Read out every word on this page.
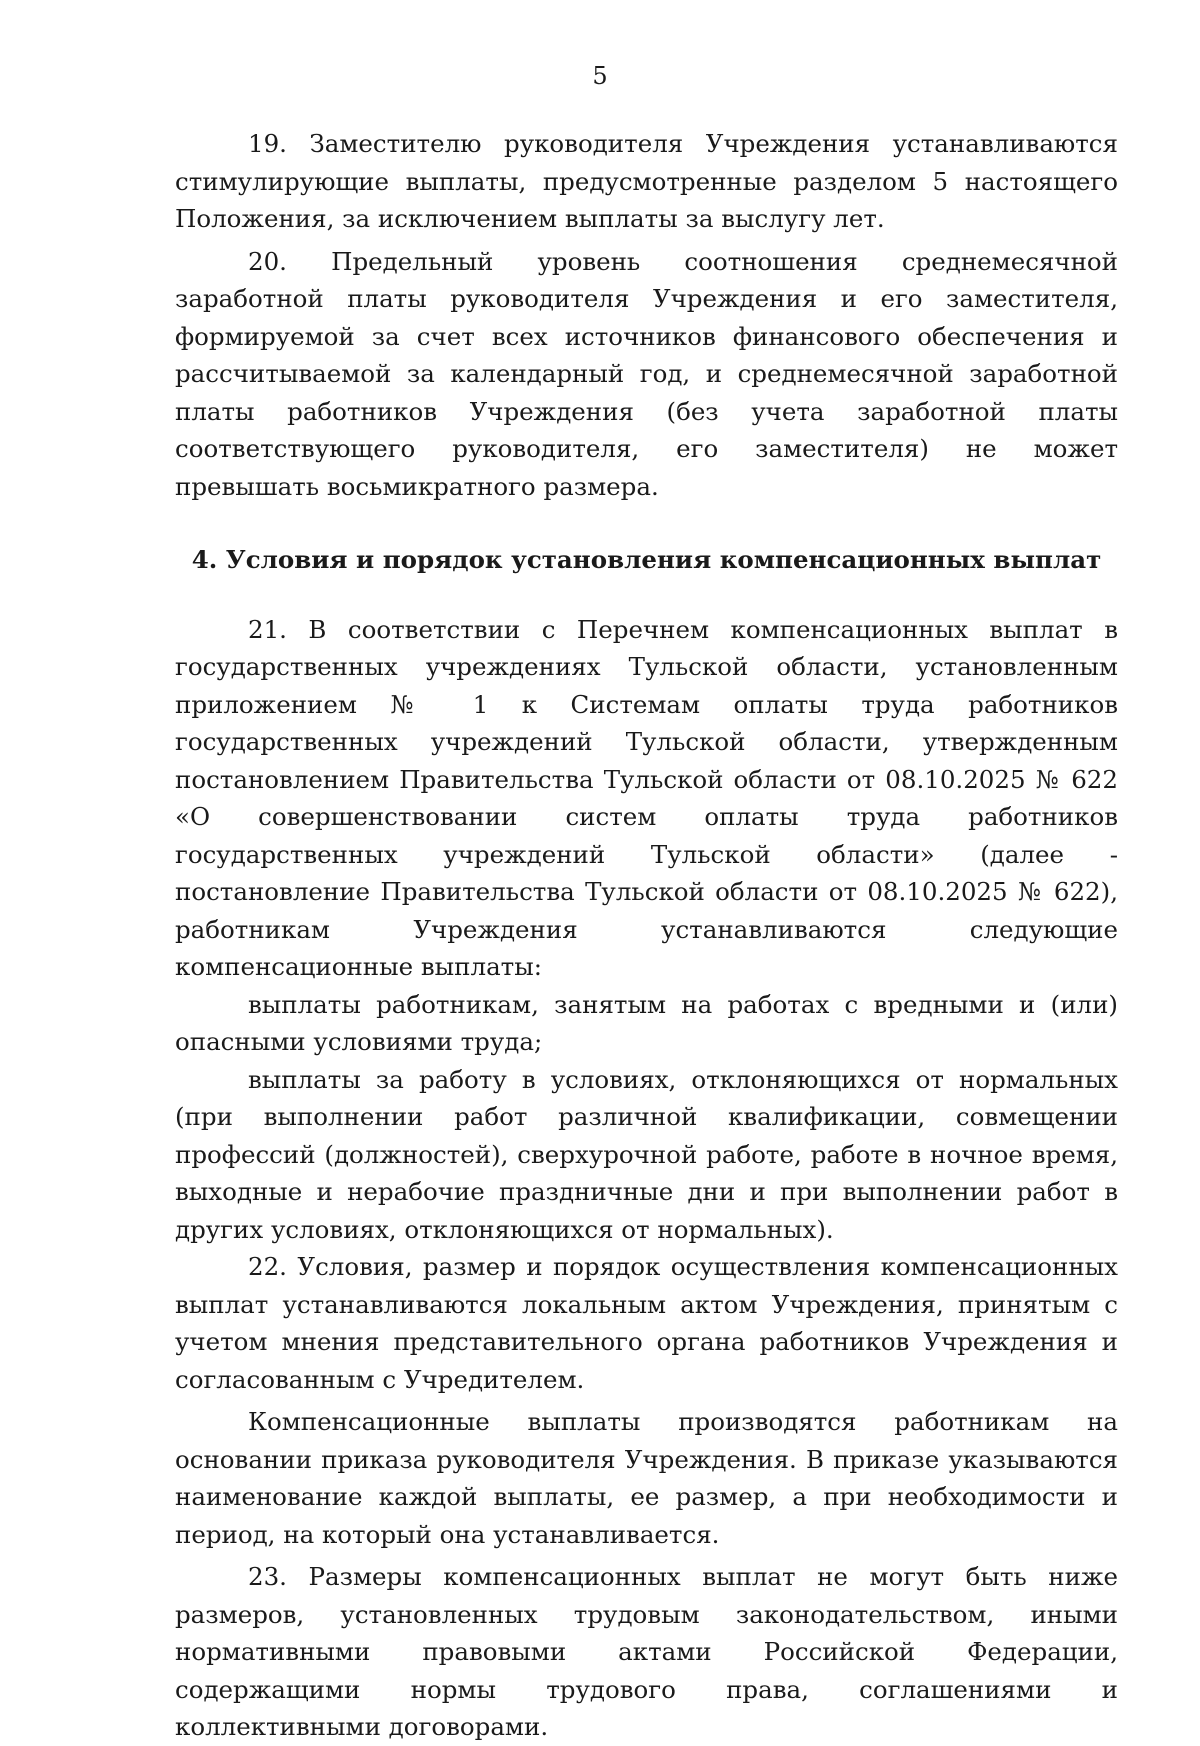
5

19. Заместителю руководителя Учреждения устанавливаются стимулирующие выплаты, предусмотренные разделом 5 настоящего Положения, за исключением выплаты за выслугу лет.

20. Предельный уровень соотношения среднемесячной заработной платы руководителя Учреждения и его заместителя, формируемой за счет всех источников финансового обеспечения и рассчитываемой за календарный год, и среднемесячной заработной платы работников Учреждения (без учета заработной платы соответствующего руководителя, его заместителя) не может превышать восьмикратного размера.

4. Условия и порядок установления компенсационных выплат

21. В соответствии с Перечнем компенсационных выплат в государственных учреждениях Тульской области, установленным приложением № 1 к Системам оплаты труда работников государственных учреждений Тульской области, утвержденным постановлением Правительства Тульской области от 08.10.2025 № 622 «О совершенствовании систем оплаты труда работников государственных учреждений Тульской области» (далее - постановление Правительства Тульской области от 08.10.2025 № 622), работникам Учреждения устанавливаются следующие компенсационные выплаты:

выплаты работникам, занятым на работах с вредными и (или) опасными условиями труда;

выплаты за работу в условиях, отклоняющихся от нормальных (при выполнении работ различной квалификации, совмещении профессий (должностей), сверхурочной работе, работе в ночное время, выходные и нерабочие праздничные дни и при выполнении работ в других условиях, отклоняющихся от нормальных).

22. Условия, размер и порядок осуществления компенсационных выплат устанавливаются локальным актом Учреждения, принятым с учетом мнения представительного органа работников Учреждения и согласованным с Учредителем.

Компенсационные выплаты производятся работникам на основании приказа руководителя Учреждения. В приказе указываются наименование каждой выплаты, ее размер, а при необходимости и период, на который она устанавливается.

23. Размеры компенсационных выплат не могут быть ниже размеров, установленных трудовым законодательством, иными нормативными правовыми актами Российской Федерации, содержащими нормы трудового права, соглашениями и коллективными договорами.
